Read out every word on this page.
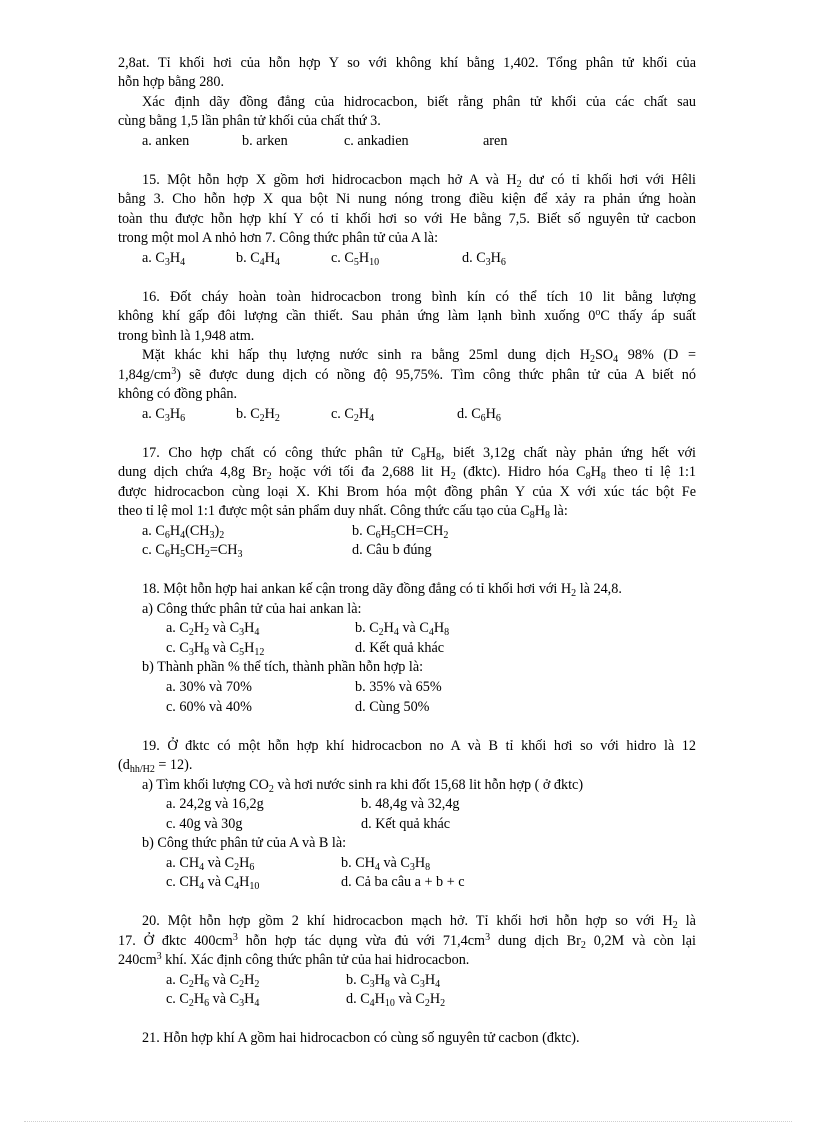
2,8at. Tỉ khối hơi của hỗn hợp Y so với không khí bằng 1,402. Tổng phân tử khối của
hỗn hợp bằng 280.
Xác định dãy đồng đẳng của hidrocacbon, biết rằng phân tử khối của các chất sau
cùng bằng 1,5 lần phân tử khối của chất thứ 3.
a. anken	b. arken	c. ankadien	aren
15. Một hỗn hợp X gồm hơi hidrocacbon mạch hở A và $H_2$ dư có tỉ khối hơi với Hêli
bằng 3. Cho hỗn hợp X qua bột Ni nung nóng trong điều kiện để xảy ra phản ứng hoàn
toàn thu được hỗn hợp khí Y có tỉ khối hơi so với He bằng 7,5. Biết số nguyên tử cacbon
trong một mol A nhỏ hơn 7. Công thức phân tử của A là:
a. $C_3H_4$	b. $C_4H_4$	c. $C_5H_{10}$	d. $C_3H_6$
16. Đốt cháy hoàn toàn hidrocacbon trong bình kín có thể tích 10 lit bằng lượng
không khí gấp đôi lượng cần thiết. Sau phản ứng làm lạnh bình xuống 0$^o$C thấy áp suất
trong bình là 1,948 atm.
Mặt khác khi hấp thụ lượng nước sinh ra bằng 25ml dung dịch $H_2SO_4$ 98% (D =
$1,84g/cm^3$) sẽ được dung dịch có nồng độ 95,75%. Tìm công thức phân tử của A biết nó
không có đồng phân.
a. $C_3H_6$	b. $C_2H_2$	c. $C_2H_4$	d. $C_6H_6$
17. Cho hợp chất có công thức phân tử $C_8H_8$, biết 3,12g chất này phản ứng hết với
dung dịch chứa 4,8g $Br_2$ hoặc với tối đa 2,688 lit $H_2$ (đktc). Hidro hóa $C_8H_8$ theo tỉ lệ 1:1
được hidrocacbon cùng loại X. Khi Brom hóa một đồng phân Y của X với xúc tác bột Fe
theo tỉ lệ mol 1:1 được một sản phẩm duy nhất. Công thức cấu tạo của $C_8H_8$ là:
a. $C_6H_4(CH_3)_2$	b. $C_6H_5CH=CH_2$
c. $C_6H_5CH_2=CH_3$	d. Câu b đúng
18. Một hỗn hợp hai ankan kế cận trong dãy đồng đẳng có tỉ khối hơi với $H_2$ là 24,8.
a) Công thức phân tử của hai ankan là:
a. $C_2H_2$ và $C_3H_4$	b. $C_2H_4$ và $C_4H_8$
c. $C_3H_8$ và $C_5H_{12}$	d. Kết quả khác
b) Thành phần % thể tích, thành phần hỗn hợp là:
a. 30% và 70%	b. 35% và 65%
c. 60% và 40%	d. Cùng 50%
19. Ở đktc có một hỗn hợp khí hidrocacbon no A và B tỉ khối hơi so với hidro là 12
$(d_{hh/H2} = 12)$.
a) Tìm khối lượng $CO_2$ và hơi nước sinh ra khi đốt 15,68 lit hỗn hợp ( ở đktc)
a. 24,2g và 16,2g	b. 48,4g và 32,4g
c. 40g và 30g	d. Kết quả khác
b) Công thức phân tử của A và B là:
a. $CH_4$ và $C_2H_6$	b. $CH_4$ và $C_3H_8$
c. $CH_4$ và $C_4H_{10}$	d. Cả ba câu a + b + c
20. Một hỗn hợp gồm 2 khí hidrocacbon mạch hở. Tỉ khối hơi hỗn hợp so với $H_2$ là
17. Ở đktc $400cm^3$ hỗn hợp tác dụng vừa đủ với $71,4cm^3$ dung dịch $Br_2$ 0,2M và còn lại
$240cm^3$ khí. Xác định công thức phân tử của hai hidrocacbon.
a. $C_2H_6$ và $C_2H_2$	b. $C_3H_8$ và $C_3H_4$
c. $C_2H_6$ và $C_3H_4$	d. $C_4H_{10}$ và $C_2H_2$
21. Hỗn hợp khí A gồm hai hidrocacbon có cùng số nguyên tử cacbon (đktc).
